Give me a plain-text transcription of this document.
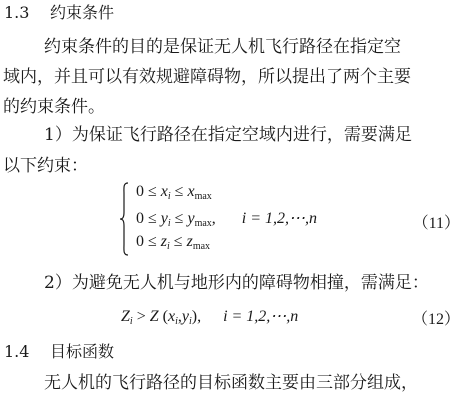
1.3 约束条件
约束条件的目的是保证无人机飞行路径在指定空
域内，并且可以有效规避障碍物，所以提出了两个主要
的约束条件。
1）为保证飞行路径在指定空域内进行，需要满足
以下约束：
$0 \le x_i \le x_{max}$
$0 \le y_i \le y_{max}$, i = 1,2,⋯,n
$0 \le z_i \le z_{max}$
（11）
2）为避免无人机与地形内的障碍物相撞，需满足：
$Z_i > Z$ $(x_i,y_i)$, i = 1,2,⋯,n	（12）
1.4 目标函数
无人机的飞行路径的目标函数主要由三部分组成，
